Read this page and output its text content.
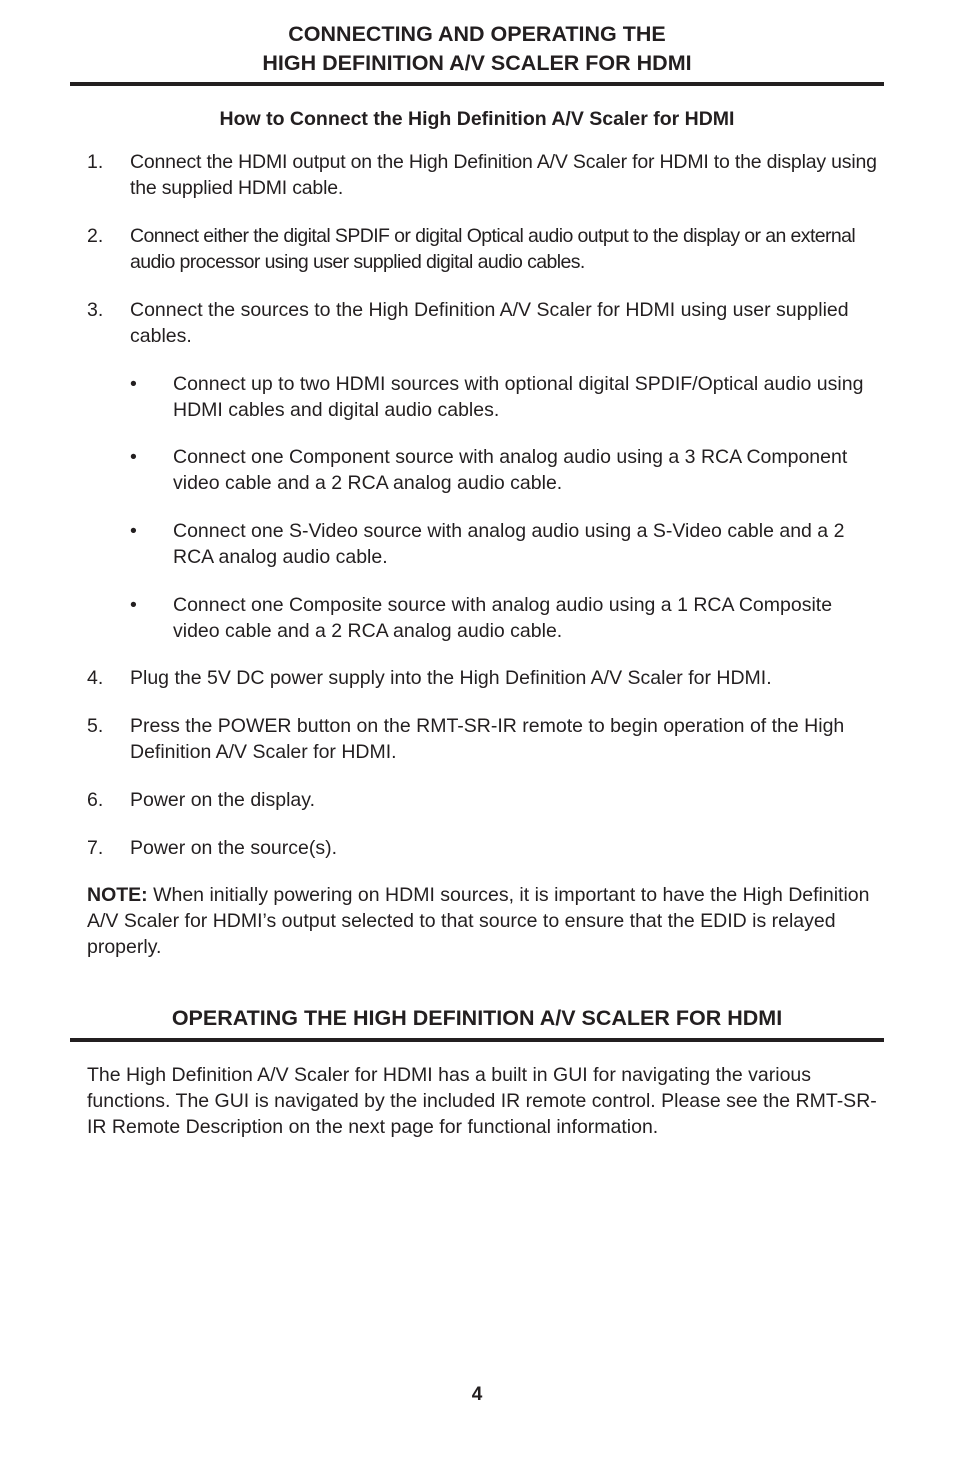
CONNECTING AND OPERATING THE
HIGH DEFINITION A/V SCALER FOR HDMI
How to Connect the High Definition A/V Scaler for HDMI
1. Connect the HDMI output on the High Definition A/V Scaler for HDMI to the display using the supplied HDMI cable.
2. Connect either the digital SPDIF or digital Optical audio output to the display or an external audio processor using user supplied digital audio cables.
3. Connect the sources to the High Definition A/V Scaler for HDMI using user supplied cables.
• Connect up to two HDMI sources with optional digital SPDIF/Optical audio using HDMI cables and digital audio cables.
• Connect one Component source with analog audio using a 3 RCA Component video cable and a 2 RCA analog audio cable.
• Connect one S-Video source with analog audio using a S-Video cable and a 2 RCA analog audio cable.
• Connect one Composite source with analog audio using a 1 RCA Composite video cable and a 2 RCA analog audio cable.
4. Plug the 5V DC power supply into the High Definition A/V Scaler for HDMI.
5. Press the POWER button on the RMT-SR-IR remote to begin operation of the High Definition A/V Scaler for HDMI.
6. Power on the display.
7. Power on the source(s).

NOTE: When initially powering on HDMI sources, it is important to have the High Definition A/V Scaler for HDMI’s output selected to that source to ensure that the EDID is relayed properly.

OPERATING THE HIGH DEFINITION A/V SCALER FOR HDMI

The High Definition A/V Scaler for HDMI has a built in GUI for navigating the various functions. The GUI is navigated by the included IR remote control. Please see the RMT-SR-IR Remote Description on the next page for functional information.

4
